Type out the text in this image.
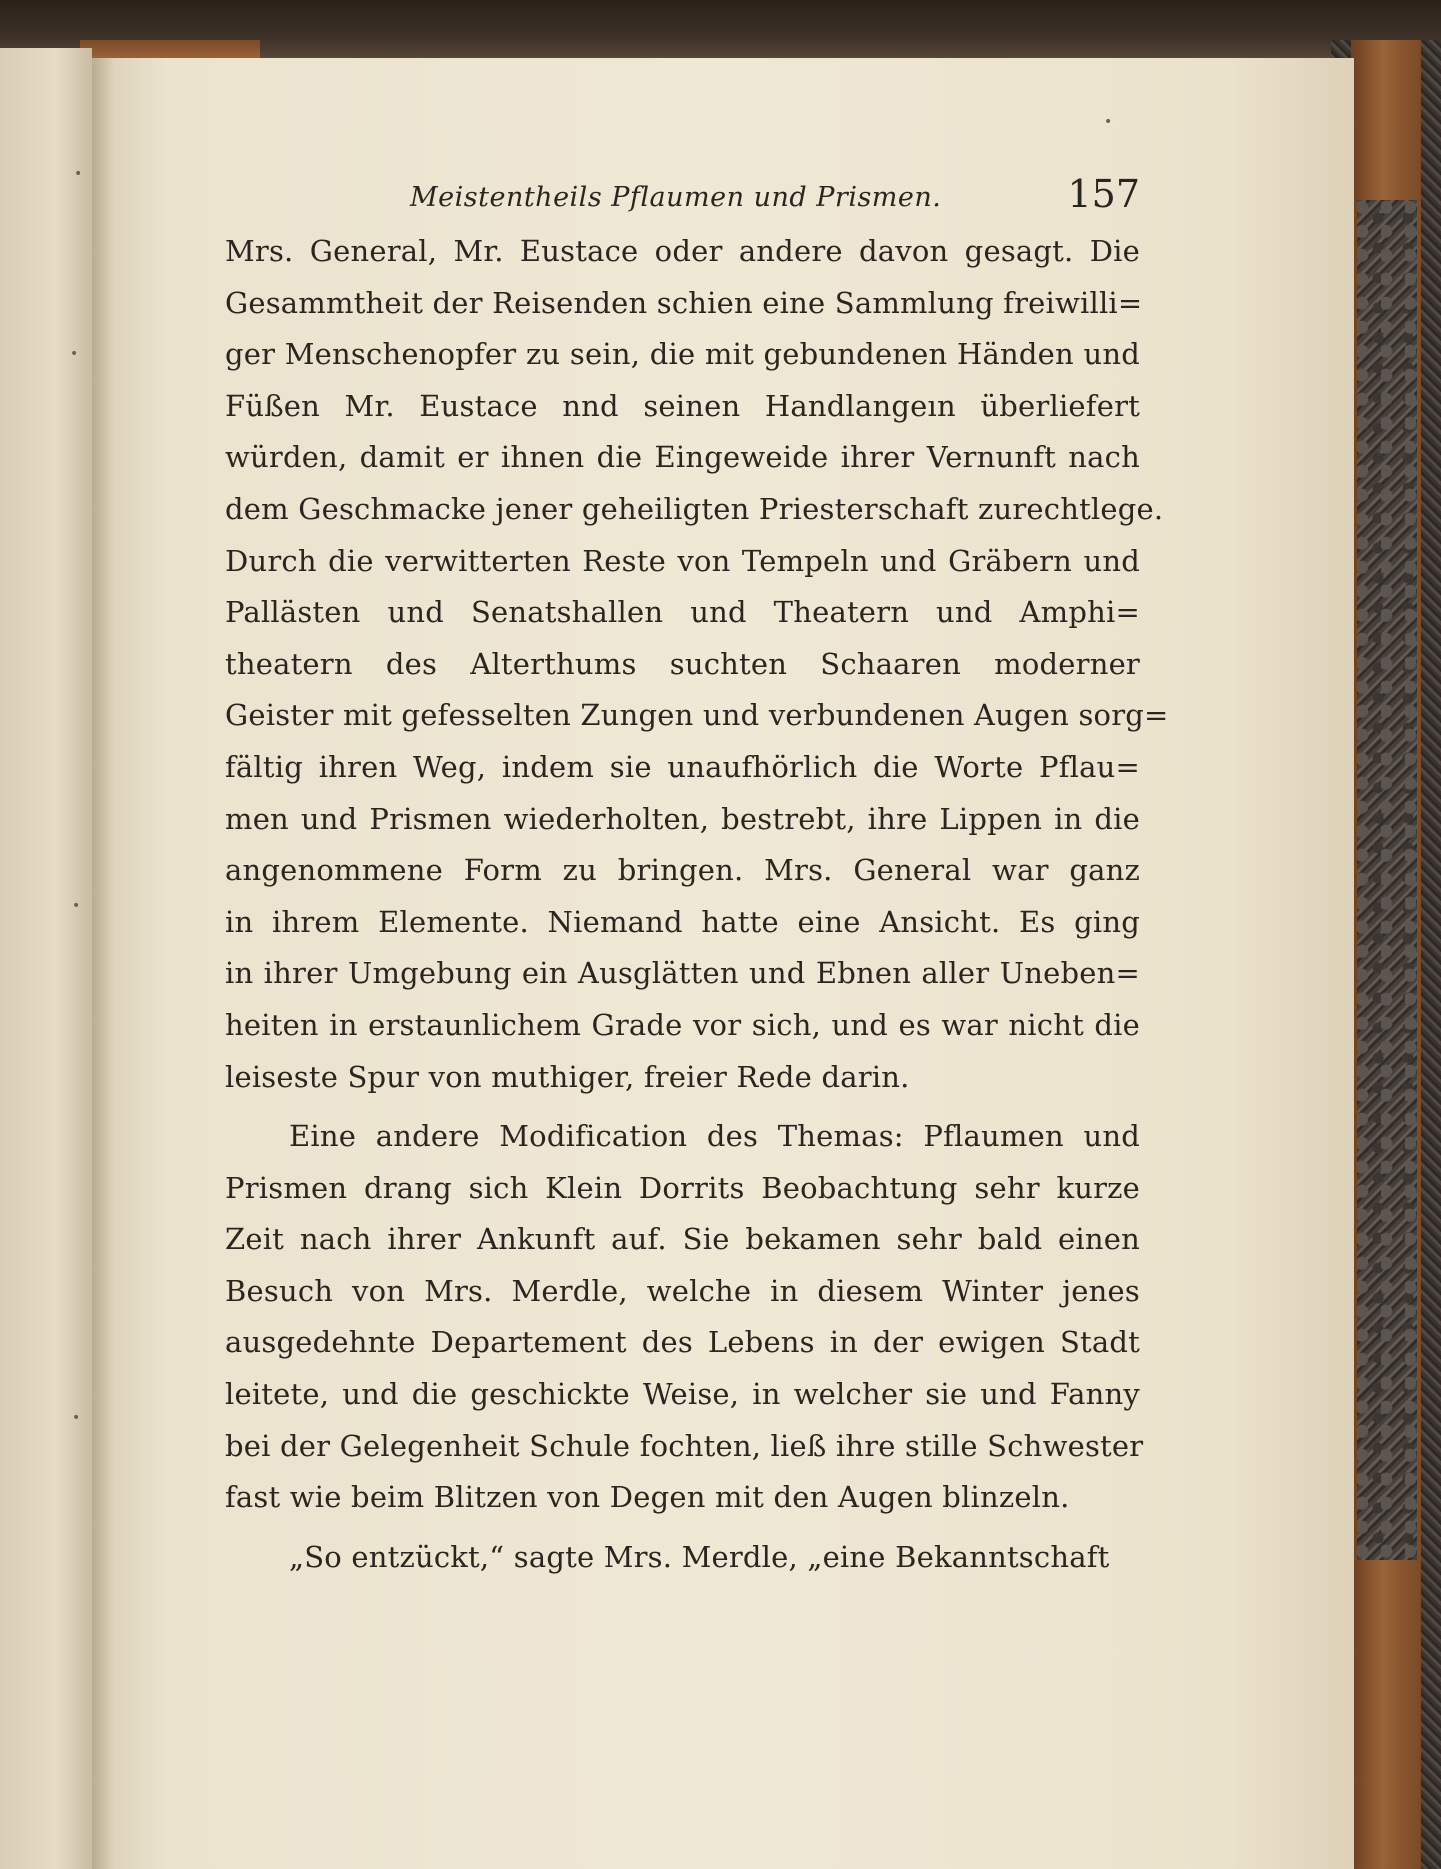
•
•
•
•
•
Meistentheils Pflaumen und Prismen.	157
Mrs. General, Mr. Eustace oder andere davon gesagt. Die
Gesammtheit der Reisenden schien eine Sammlung freiwilli=
ger Menschenopfer zu sein, die mit gebundenen Händen und
Füßen Mr. Eustace nnd seinen Handlangeın überliefert
würden, damit er ihnen die Eingeweide ihrer Vernunft nach
dem Geschmacke jener geheiligten Priesterschaft zurechtlege.
Durch die verwitterten Reste von Tempeln und Gräbern und
Pallästen und Senatshallen und Theatern und Amphi=
theatern des Alterthums suchten Schaaren moderner
Geister mit gefesselten Zungen und verbundenen Augen sorg=
fältig ihren Weg, indem sie unaufhörlich die Worte Pflau=
men und Prismen wiederholten, bestrebt, ihre Lippen in die
angenommene Form zu bringen. Mrs. General war ganz
in ihrem Elemente. Niemand hatte eine Ansicht. Es ging
in ihrer Umgebung ein Ausglätten und Ebnen aller Uneben=
heiten in erstaunlichem Grade vor sich, und es war nicht die
leiseste Spur von muthiger, freier Rede darin.
Eine andere Modification des Themas: Pflaumen und
Prismen drang sich Klein Dorrits Beobachtung sehr kurze
Zeit nach ihrer Ankunft auf. Sie bekamen sehr bald einen
Besuch von Mrs. Merdle, welche in diesem Winter jenes
ausgedehnte Departement des Lebens in der ewigen Stadt
leitete, und die geschickte Weise, in welcher sie und Fanny
bei der Gelegenheit Schule fochten, ließ ihre stille Schwester
fast wie beim Blitzen von Degen mit den Augen blinzeln.
„So entzückt,“ sagte Mrs. Merdle, „eine Bekanntschaft
